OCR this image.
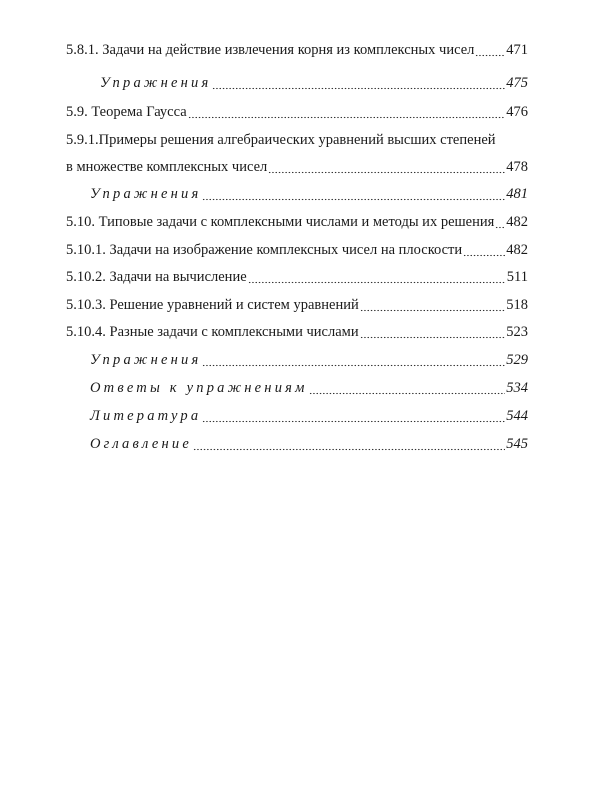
5.8.1. Задачи на действие извлечения корня из комплексных чисел 471
Упражнения	475
5.9. Теорема Гаусса	476
5.9.1.Примеры решения алгебраических уравнений высших степеней
в множестве комплексных чисел	478
Упражнения	481
5.10. Типовые задачи с комплексными числами и методы их решения 482
5.10.1. Задачи на изображение комплексных чисел на плоскости	482
5.10.2. Задачи на вычисление	511
5.10.3. Решение уравнений и систем уравнений	518
5.10.4. Разные задачи с комплексными числами	523
Упражнения	529
Ответы к упражнениям	534
Литература	544
Оглавление	545
